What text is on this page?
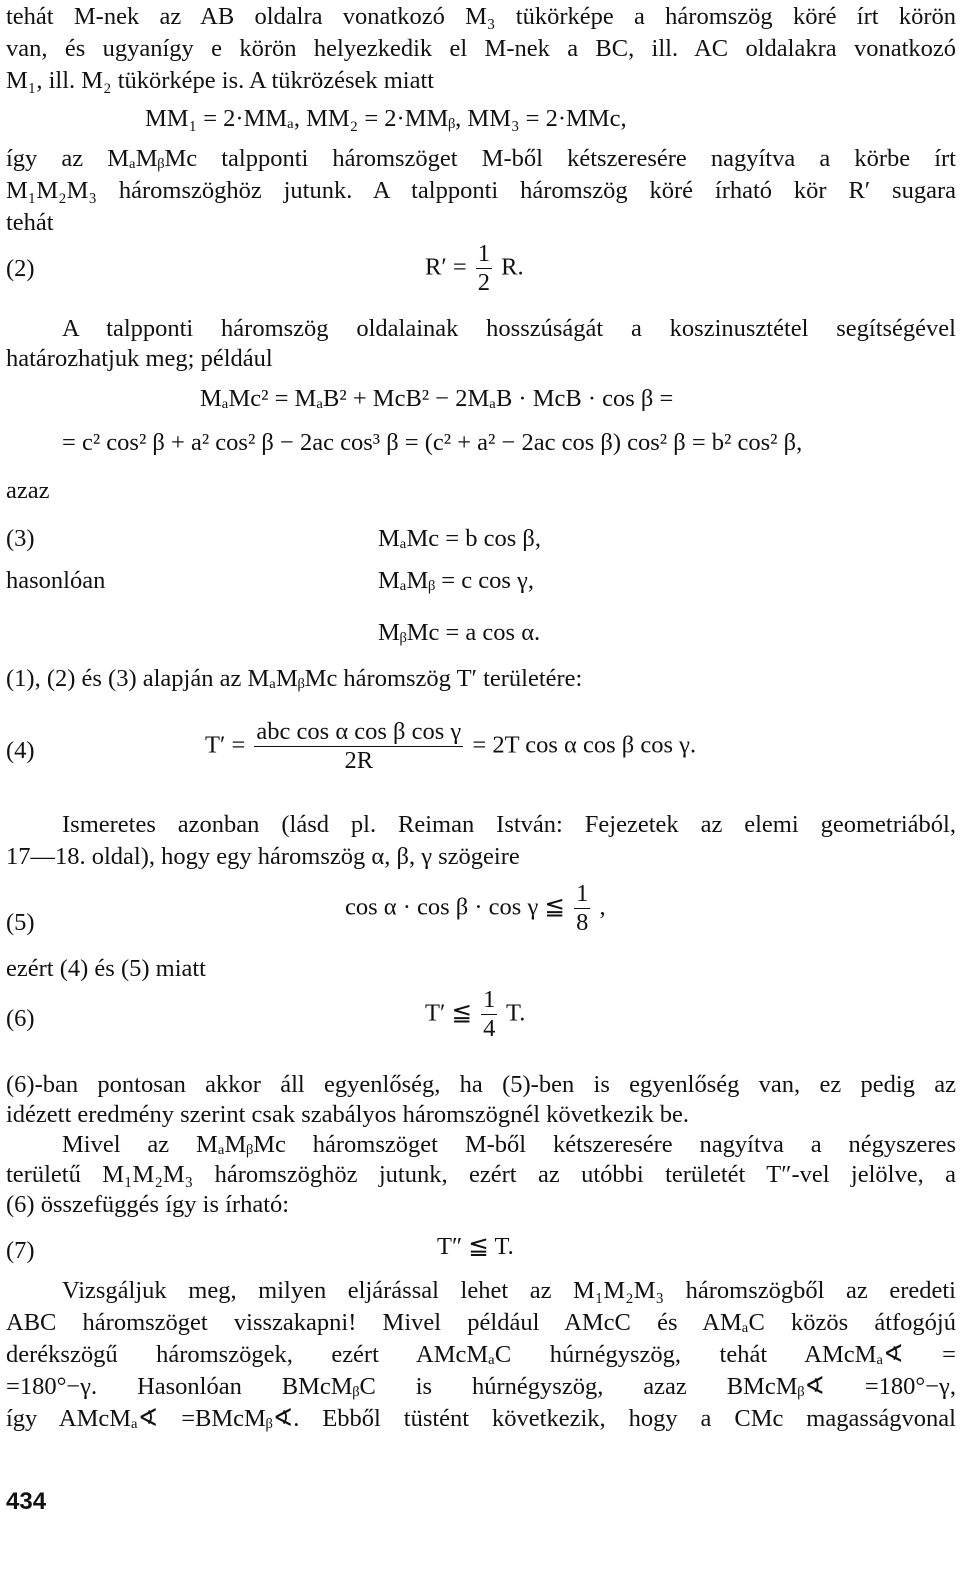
tehát M-nek az AB oldalra vonatkozó M₃ tükörképe a háromszög köré írt körön
van, és ugyanígy e körön helyezkedik el M-nek a BC, ill. AC oldalakra vonatkozó
M₁, ill. M₂ tükörképe is. A tükrözések miatt
MM₁ = 2·MMₐ, MM₂ = 2·MMᵦ, MM₃ = 2·MMc,
így az MₐMᵦMc talpponti háromszöget M-ből kétszeresére nagyítva a körbe írt
M₁M₂M₃ háromszöghöz jutunk. A talpponti háromszög köré írható kör R′ sugara
tehát
(2)	$R' = \frac{1}{2} R$.
A talpponti háromszög oldalainak hosszúságát a koszinusztétel segítségével
határozhatjuk meg; például
MₐMc² = MₐB² + McB² − 2MₐB · McB · cos β =
= c² cos² β + a² cos² β − 2ac cos³ β = (c² + a² − 2ac cos β) cos² β = b² cos² β,
azaz
(3)	MₐMc = b cos β,
hasonlóan	MₐMᵦ = c cos γ,
MᵦMc = a cos α.
(1), (2) és (3) alapján az MₐMᵦMc háromszög T′ területére:
(4)	$T' = \frac{\text{abc cos α cos β cos γ}}{2R} = 2T$ cos α cos β cos γ.
Ismeretes azonban (lásd pl. Reiman István: Fejezetek az elemi geometriából,
17—18. oldal), hogy egy háromszög α, β, γ szögeire
(5)
cos α · cos β · cos γ ≦ $\frac{1}{8}$ ,
ezért (4) és (5) miatt
(6)	T′ ≦ $\frac{1}{4} T$.
(6)-ban pontosan akkor áll egyenlőség, ha (5)-ben is egyenlőség van, ez pedig az
idézett eredmény szerint csak szabályos háromszögnél következik be.
Mivel az MₐMᵦMc háromszöget M-ből kétszeresére nagyítva a négyszeres
területű M₁M₂M₃ háromszöghöz jutunk, ezért az utóbbi területét T″-vel jelölve, a
(6) összefüggés így is írható:
(7)	T″ ≦ T.
Vizsgáljuk meg, milyen eljárással lehet az M₁M₂M₃ háromszögből az eredeti
ABC háromszöget visszakapni! Mivel például AMcC és AMₐC közös átfogójú
derékszögű háromszögek, ezért AMcMₐC húrnégyszög, tehát AMcMₐ∢ =
=180°−γ. Hasonlóan BMcMᵦC is húrnégyszög, azaz BMcMᵦ∢ =180°−γ,
így AMcMₐ∢ =BMcMᵦ∢. Ebből tüstént következik, hogy a CMc magasságvonal
434
